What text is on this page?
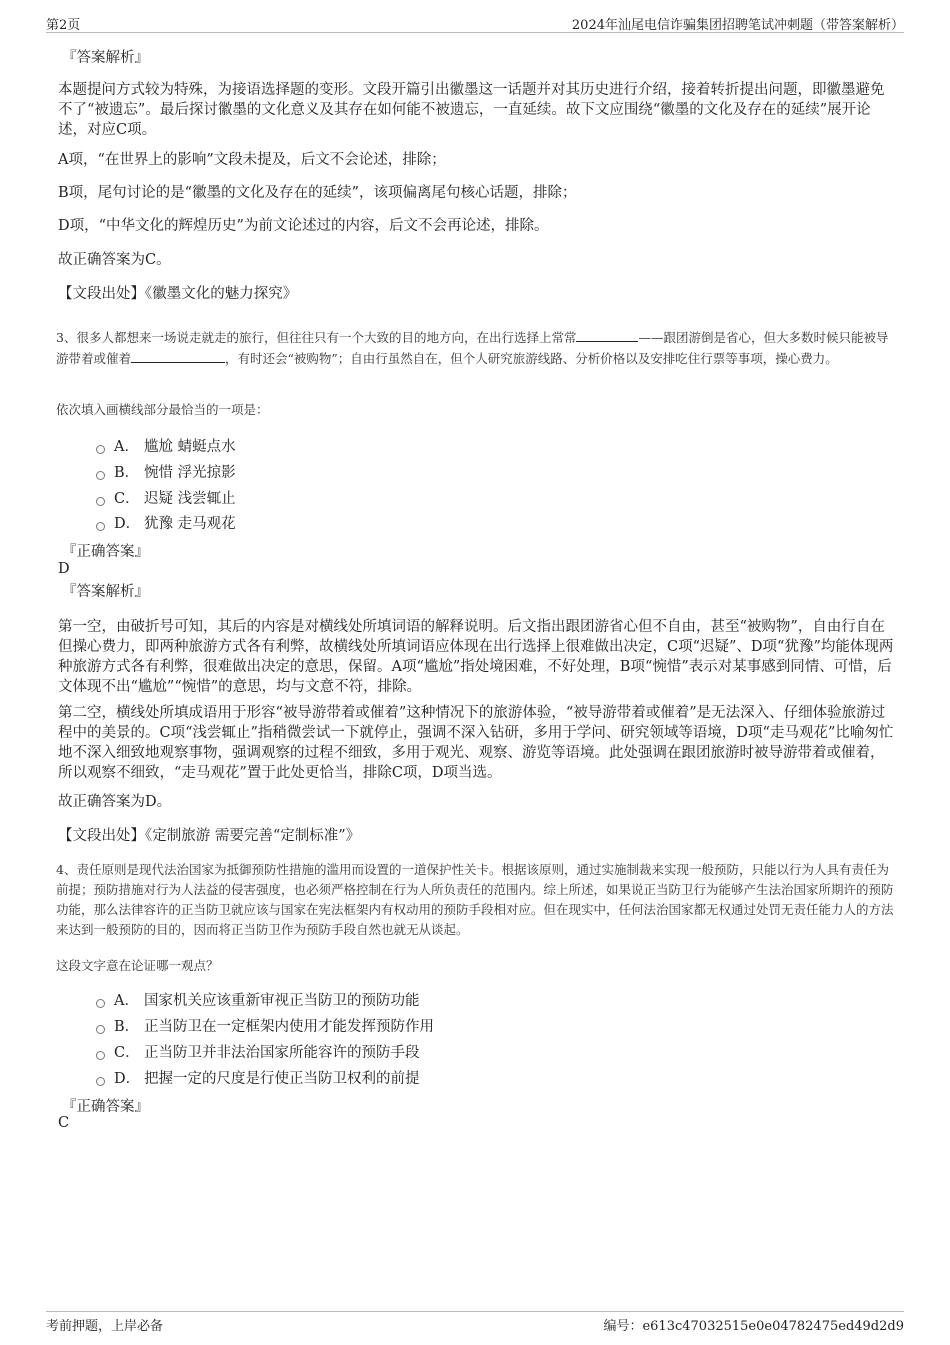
第2页	2024年汕尾电信诈骗集团招聘笔试冲刺题（带答案解析）
『答案解析』
本题提问方式较为特殊，为接语选择题的变形。文段开篇引出徽墨这一话题并对其历史进行介绍，接着转折提出问题，即徽墨避免不了“被遗忘”。最后探讨徽墨的文化意义及其存在如何能不被遗忘，一直延续。故下文应围绕“徽墨的文化及存在的延续”展开论述，对应C项。
A项，“在世界上的影响”文段未提及，后文不会论述，排除；
B项，尾句讨论的是“徽墨的文化及存在的延续”，该项偏离尾句核心话题，排除；
D项，“中华文化的辉煌历史”为前文论述过的内容，后文不会再论述，排除。
故正确答案为C。
【文段出处】《徽墨文化的魅力探究》
3、很多人都想来一场说走就走的旅行，但往往只有一个大致的目的地方向，在出行选择上常常	——跟团游倒是省心，但大多数时候只能被导游带着或催着	，有时还会“被购物”；自由行虽然自在，但个人研究旅游线路、分析价格以及安排吃住行票等事项，操心费力。
依次填入画横线部分最恰当的一项是：
A． 尴尬 蜻蜓点水
B． 惋惜 浮光掠影
C． 迟疑 浅尝辄止
D． 犹豫 走马观花
『正确答案』
D
『答案解析』
第一空，由破折号可知，其后的内容是对横线处所填词语的解释说明。后文指出跟团游省心但不自由，甚至“被购物”，自由行自在但操心费力，即两种旅游方式各有利弊，故横线处所填词语应体现在出行选择上很难做出决定，C项“迟疑”、D项“犹豫”均能体现两种旅游方式各有利弊，很难做出决定的意思，保留。A项“尴尬”指处境困难，不好处理，B项“惋惜”表示对某事感到同情、可惜，后文体现不出“尴尬”“惋惜”的意思，均与文意不符，排除。
第二空，横线处所填成语用于形容“被导游带着或催着”这种情况下的旅游体验，“被导游带着或催着”是无法深入、仔细体验旅游过程中的美景的。C项“浅尝辄止”指稍微尝试一下就停止，强调不深入钻研，多用于学问、研究领域等语境，D项“走马观花”比喻匆忙地不深入细致地观察事物，强调观察的过程不细致，多用于观光、观察、游览等语境。此处强调在跟团旅游时被导游带着或催着，所以观察不细致，“走马观花”置于此处更恰当，排除C项，D项当选。
故正确答案为D。
【文段出处】《定制旅游 需要完善“定制标准”》
4、责任原则是现代法治国家为抵御预防性措施的滥用而设置的一道保护性关卡。根据该原则，通过实施制裁来实现一般预防，只能以行为人具有责任为前提；预防措施对行为人法益的侵害强度，也必须严格控制在行为人所负责任的范围内。综上所述，如果说正当防卫行为能够产生法治国家所期许的预防功能，那么法律容许的正当防卫就应该与国家在宪法框架内有权动用的预防手段相对应。但在现实中，任何法治国家都无权通过处罚无责任能力人的方法来达到一般预防的目的，因而将正当防卫作为预防手段自然也就无从谈起。
这段文字意在论证哪一观点？
A． 国家机关应该重新审视正当防卫的预防功能
B． 正当防卫在一定框架内使用才能发挥预防作用
C． 正当防卫并非法治国家所能容许的预防手段
D． 把握一定的尺度是行使正当防卫权利的前提
『正确答案』
C
考前押题，上岸必备	编号：e613c47032515e0e04782475ed49d2d9
